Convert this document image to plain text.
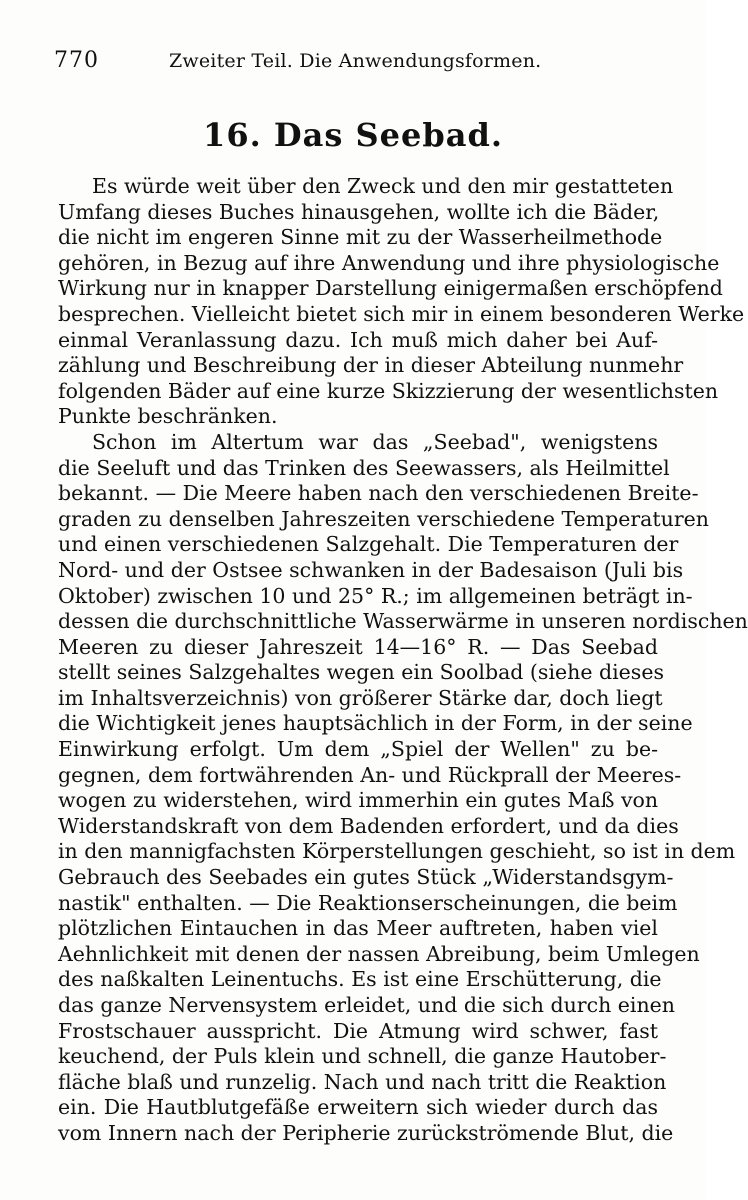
770	Zweiter Teil. Die Anwendungsformen.
16. Das Seebad.
Es würde weit über den Zweck und den mir gestatteten
Umfang dieses Buches hinausgehen, wollte ich die Bäder,
die nicht im engeren Sinne mit zu der Wasserheilmethode
gehören, in Bezug auf ihre Anwendung und ihre physiologische
Wirkung nur in knapper Darstellung einigermaßen erschöpfend
besprechen. Vielleicht bietet sich mir in einem besonderen Werke
einmal Veranlassung dazu. Ich muß mich daher bei Auf-
zählung und Beschreibung der in dieser Abteilung nunmehr
folgenden Bäder auf eine kurze Skizzierung der wesentlichsten
Punkte beschränken.
Schon im Altertum war das „Seebad", wenigstens
die Seeluft und das Trinken des Seewassers, als Heilmittel
bekannt. — Die Meere haben nach den verschiedenen Breite-
graden zu denselben Jahreszeiten verschiedene Temperaturen
und einen verschiedenen Salzgehalt. Die Temperaturen der
Nord- und der Ostsee schwanken in der Badesaison (Juli bis
Oktober) zwischen 10 und 25° R.; im allgemeinen beträgt in-
dessen die durchschnittliche Wasserwärme in unseren nordischen
Meeren zu dieser Jahreszeit 14—16° R. — Das Seebad
stellt seines Salzgehaltes wegen ein Soolbad (siehe dieses
im Inhaltsverzeichnis) von größerer Stärke dar, doch liegt
die Wichtigkeit jenes hauptsächlich in der Form, in der seine
Einwirkung erfolgt. Um dem „Spiel der Wellen" zu be-
gegnen, dem fortwährenden An- und Rückprall der Meeres-
wogen zu widerstehen, wird immerhin ein gutes Maß von
Widerstandskraft von dem Badenden erfordert, und da dies
in den mannigfachsten Körperstellungen geschieht, so ist in dem
Gebrauch des Seebades ein gutes Stück „Widerstandsgym-
nastik" enthalten. — Die Reaktionserscheinungen, die beim
plötzlichen Eintauchen in das Meer auftreten, haben viel
Aehnlichkeit mit denen der nassen Abreibung, beim Umlegen
des naßkalten Leinentuchs. Es ist eine Erschütterung, die
das ganze Nervensystem erleidet, und die sich durch einen
Frostschauer ausspricht. Die Atmung wird schwer, fast
keuchend, der Puls klein und schnell, die ganze Hautober-
fläche blaß und runzelig. Nach und nach tritt die Reaktion
ein. Die Hautblutgefäße erweitern sich wieder durch das
vom Innern nach der Peripherie zurückströmende Blut, die
